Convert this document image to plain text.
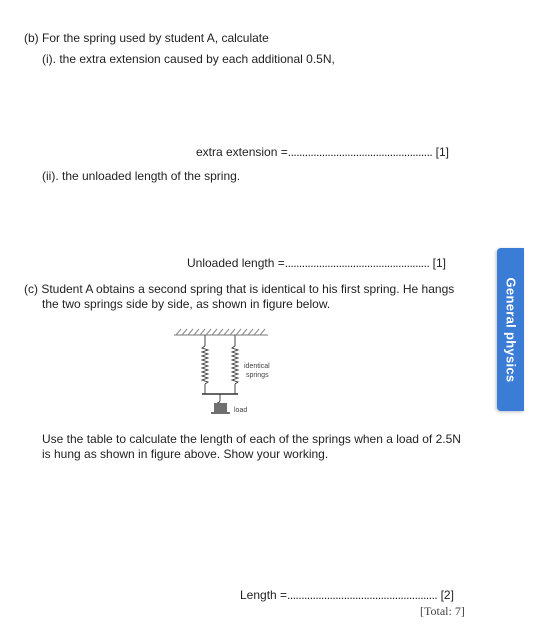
(b) For the spring used by student A, calculate
(i). the extra extension caused by each additional 0.5N,
extra extension =................................................... [1]
(ii). the unloaded length of the spring.
Unloaded length =................................................... [1]
(c) Student A obtains a second spring that is identical to his first spring. He hangs
the two springs side by side, as shown in figure below.
identical
springs
load
Use the table to calculate the length of each of the springs when a load of 2.5N
is hung as shown in figure above. Show your working.
Length =..................................................... [2]
[Total: 7]
General physics
